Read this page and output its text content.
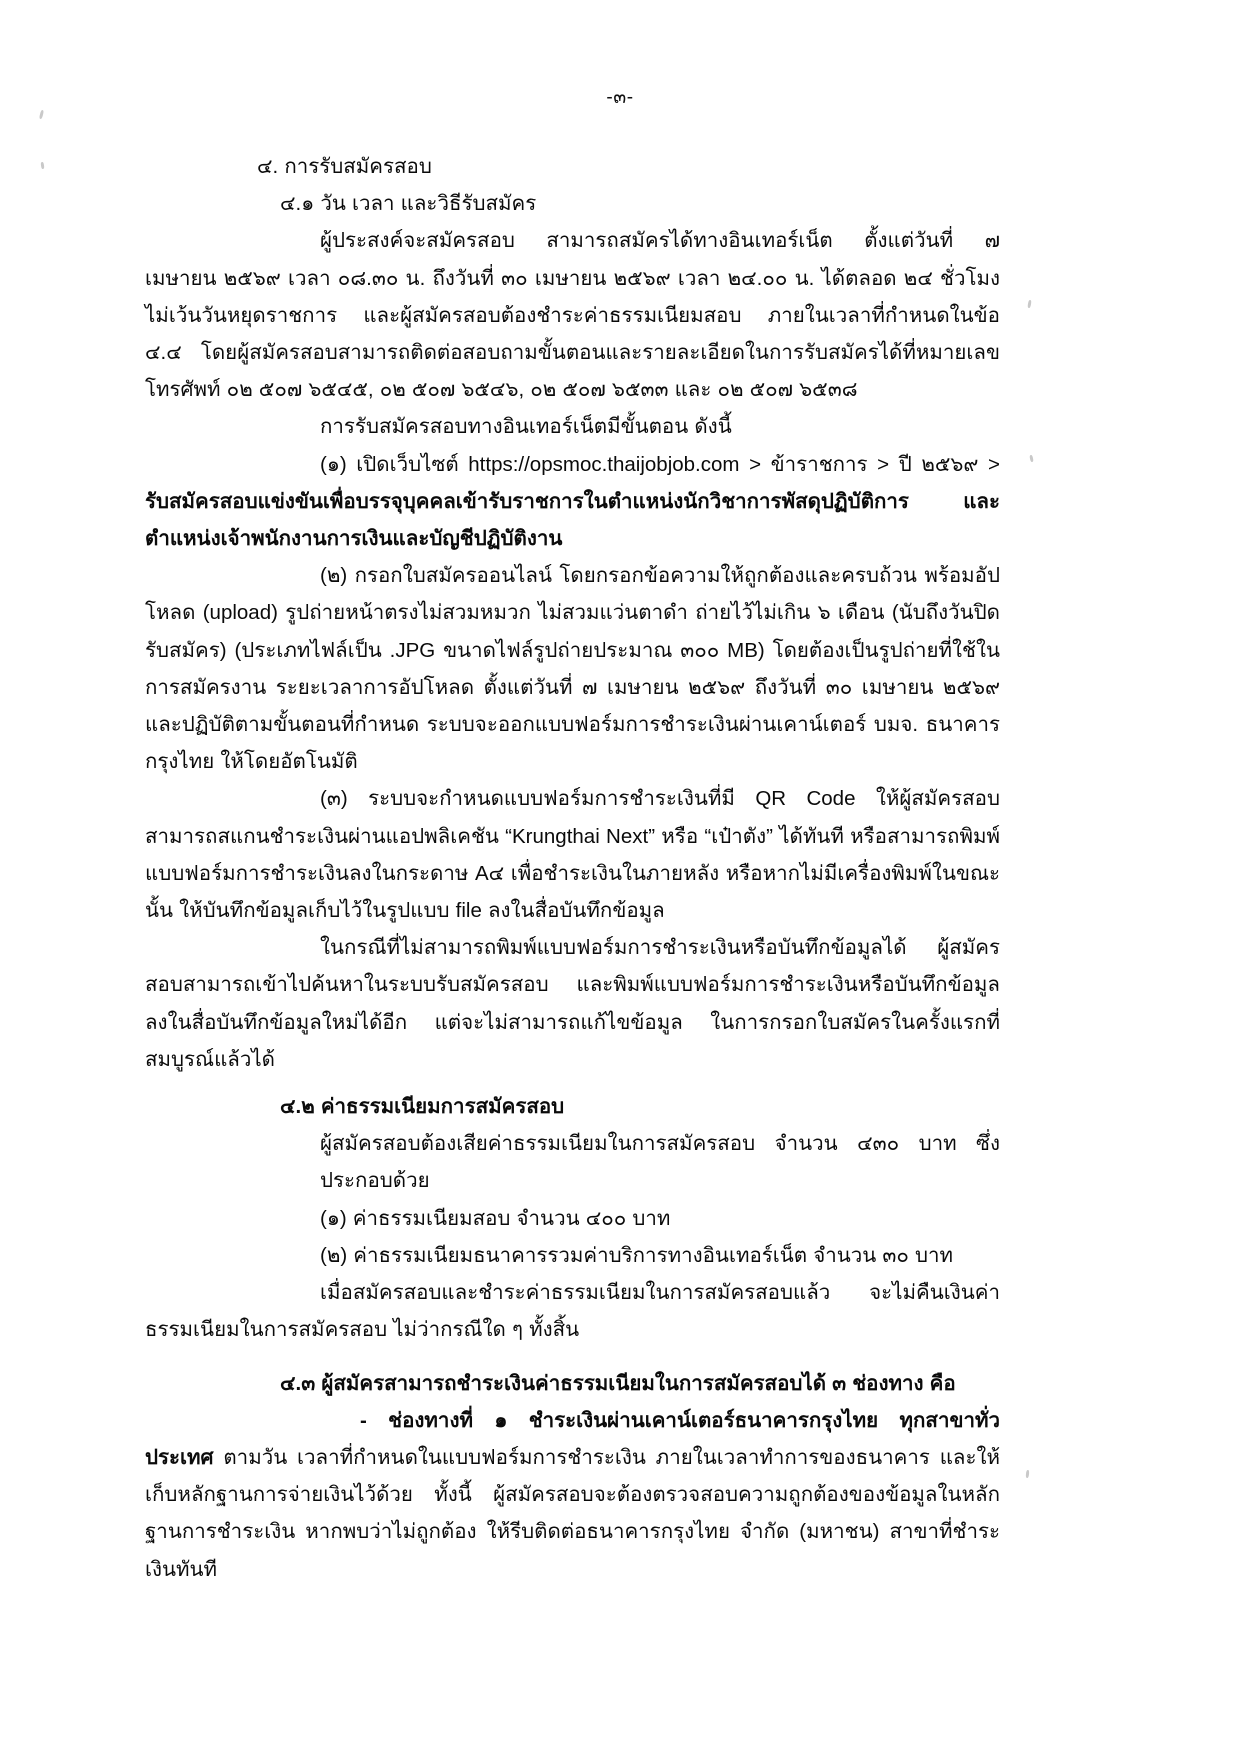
-๓-

๔. การรับสมัครสอบ

๔.๑ วัน เวลา และวิธีรับสมัคร

ผู้ประสงค์จะสมัครสอบ สามารถสมัครได้ทางอินเทอร์เน็ต ตั้งแต่วันที่ ๗ เมษายน ๒๕๖๙ เวลา ๐๘.๓๐ น. ถึงวันที่ ๓๐ เมษายน ๒๕๖๙ เวลา ๒๔.๐๐ น. ได้ตลอด ๒๔ ชั่วโมง ไม่เว้นวันหยุดราชการ และผู้สมัครสอบต้องชำระค่าธรรมเนียมสอบ ภายในเวลาที่กำหนดในข้อ ๔.๔ โดยผู้สมัครสอบสามารถติดต่อสอบถามขั้นตอนและรายละเอียดในการรับสมัครได้ที่หมายเลขโทรศัพท์ ๐๒ ๕๐๗ ๖๕๔๕, ๐๒ ๕๐๗ ๖๕๔๖, ๐๒ ๕๐๗ ๖๕๓๓ และ ๐๒ ๕๐๗ ๖๕๓๘

การรับสมัครสอบทางอินเทอร์เน็ตมีขั้นตอน ดังนี้

(๑) เปิดเว็บไซต์ https://opsmoc.thaijobjob.com > ข้าราชการ > ปี ๒๕๖๙ > รับสมัครสอบแข่งขันเพื่อบรรจุบุคคลเข้ารับราชการในตำแหน่งนักวิชาการพัสดุปฏิบัติการ และตำแหน่งเจ้าพนักงานการเงินและบัญชีปฏิบัติงาน

(๒) กรอกใบสมัครออนไลน์ โดยกรอกข้อความให้ถูกต้องและครบถ้วน พร้อมอัปโหลด (upload) รูปถ่ายหน้าตรงไม่สวมหมวก ไม่สวมแว่นตาดำ ถ่ายไว้ไม่เกิน ๖ เดือน (นับถึงวันปิดรับสมัคร) (ประเภทไฟล์เป็น .JPG ขนาดไฟล์รูปถ่ายประมาณ ๓๐๐ MB) โดยต้องเป็นรูปถ่ายที่ใช้ในการสมัครงาน ระยะเวลาการอัปโหลด ตั้งแต่วันที่ ๗ เมษายน ๒๕๖๙ ถึงวันที่ ๓๐ เมษายน ๒๕๖๙ และปฏิบัติตามขั้นตอนที่กำหนด ระบบจะออกแบบฟอร์มการชำระเงินผ่านเคาน์เตอร์ บมจ. ธนาคารกรุงไทย ให้โดยอัตโนมัติ

(๓) ระบบจะกำหนดแบบฟอร์มการชำระเงินที่มี QR Code ให้ผู้สมัครสอบสามารถสแกนชำระเงินผ่านแอปพลิเคชัน “Krungthai Next” หรือ “เป๋าตัง” ได้ทันที หรือสามารถพิมพ์แบบฟอร์มการชำระเงินลงในกระดาษ A๔ เพื่อชำระเงินในภายหลัง หรือหากไม่มีเครื่องพิมพ์ในขณะนั้น ให้บันทึกข้อมูลเก็บไว้ในรูปแบบ file ลงในสื่อบันทึกข้อมูล

ในกรณีที่ไม่สามารถพิมพ์แบบฟอร์มการชำระเงินหรือบันทึกข้อมูลได้ ผู้สมัครสอบสามารถเข้าไปค้นหาในระบบรับสมัครสอบ และพิมพ์แบบฟอร์มการชำระเงินหรือบันทึกข้อมูลลงในสื่อบันทึกข้อมูลใหม่ได้อีก แต่จะไม่สามารถแก้ไขข้อมูล ในการกรอกใบสมัครในครั้งแรกที่สมบูรณ์แล้วได้

๔.๒ ค่าธรรมเนียมการสมัครสอบ

ผู้สมัครสอบต้องเสียค่าธรรมเนียมในการสมัครสอบ จำนวน ๔๓๐ บาท ซึ่งประกอบด้วย

(๑) ค่าธรรมเนียมสอบ จำนวน ๔๐๐ บาท

(๒) ค่าธรรมเนียมธนาคารรวมค่าบริการทางอินเทอร์เน็ต จำนวน ๓๐ บาท

เมื่อสมัครสอบและชำระค่าธรรมเนียมในการสมัครสอบแล้ว จะไม่คืนเงินค่าธรรมเนียมในการสมัครสอบ ไม่ว่ากรณีใด ๆ ทั้งสิ้น

๔.๓ ผู้สมัครสามารถชำระเงินค่าธรรมเนียมในการสมัครสอบได้ ๓ ช่องทาง คือ

- ช่องทางที่ ๑ ชำระเงินผ่านเคาน์เตอร์ธนาคารกรุงไทย ทุกสาขาทั่วประเทศ ตามวัน เวลาที่กำหนดในแบบฟอร์มการชำระเงิน ภายในเวลาทำการของธนาคาร และให้เก็บหลักฐานการจ่ายเงินไว้ด้วย ทั้งนี้ ผู้สมัครสอบจะต้องตรวจสอบความถูกต้องของข้อมูลในหลักฐานการชำระเงิน หากพบว่าไม่ถูกต้อง ให้รีบติดต่อธนาคารกรุงไทย จำกัด (มหาชน) สาขาที่ชำระเงินทันที
